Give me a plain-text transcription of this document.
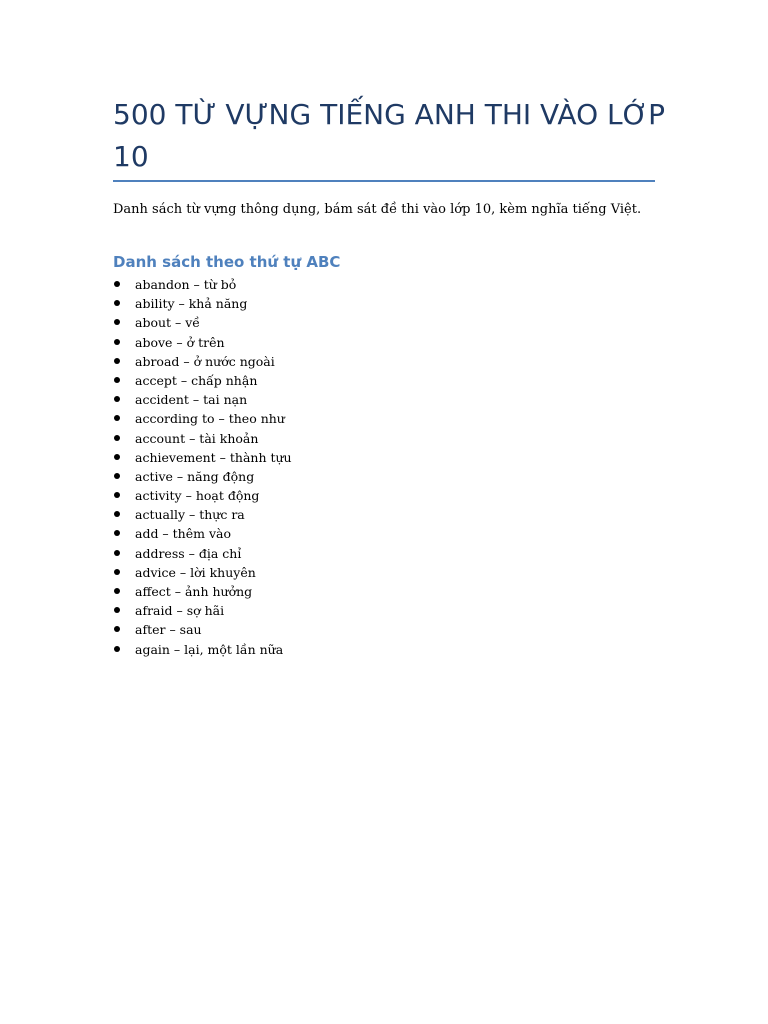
500 TỪ VỰNG TIẾNG ANH THI VÀO LỚP 10

Danh sách từ vựng thông dụng, bám sát đề thi vào lớp 10, kèm nghĩa tiếng Việt.

Danh sách theo thứ tự ABC
abandon – từ bỏ
ability – khả năng
about – về
above – ở trên
abroad – ở nước ngoài
accept – chấp nhận
accident – tai nạn
according to – theo như
account – tài khoản
achievement – thành tựu
active – năng động
activity – hoạt động
actually – thực ra
add – thêm vào
address – địa chỉ
advice – lời khuyên
affect – ảnh hưởng
afraid – sợ hãi
after – sau
again – lại, một lần nữa
